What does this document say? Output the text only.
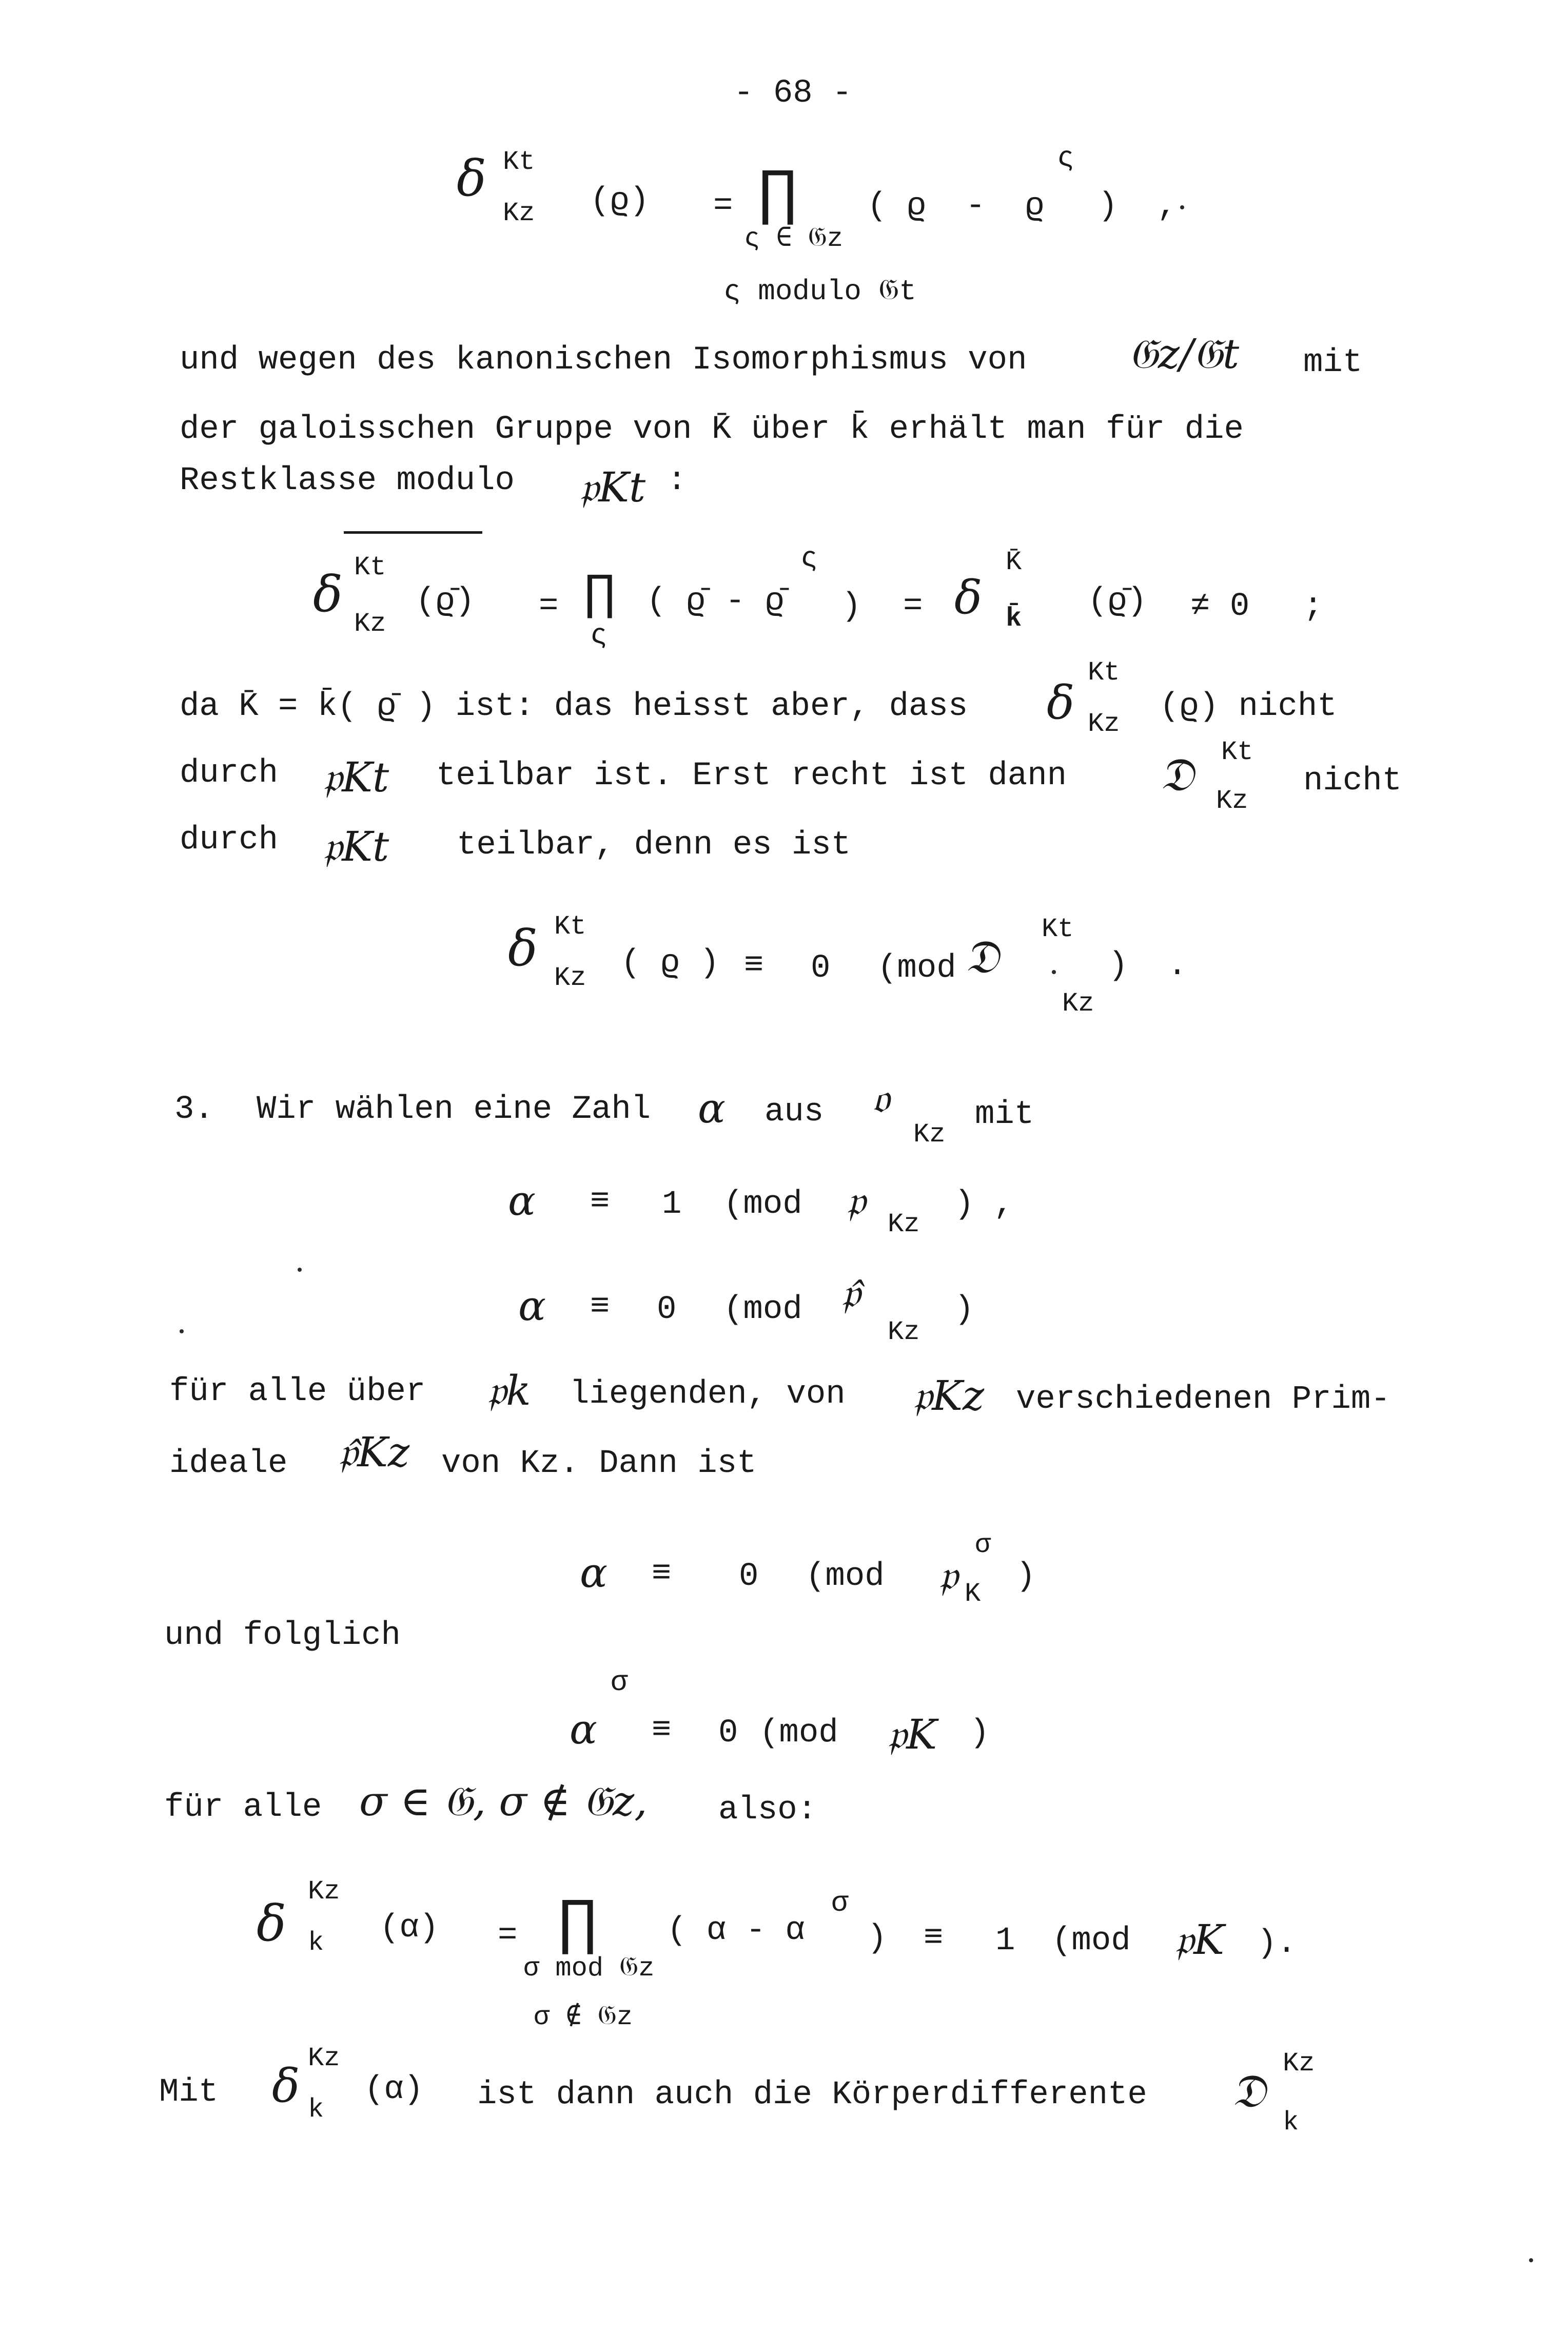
- 68 -
δ Kt
Kz (ϱ) = ∏
ς ∈ 𝔊z
ς modulo 𝔊t
( ϱ  -  ϱ
ς
)  ,
und wegen des kanonischen Isomorphismus von 𝔊z/𝔊t mit
der galoisschen Gruppe von K̄ über k̄ erhält man für die
Restklasse modulo 𝔭Kt :
δ Kt
Kz
(ϱ̄) = ∏
ς
( ϱ̄ - ϱ̄
ς
) = δ
K̄
k̄ (ϱ̄) ≠ 0 ;
da K̄ = k̄( ϱ̄ ) ist: das heisst aber, dass δ
Kt
Kz (ϱ) nicht
durch 𝔭Kt teilbar ist. Erst recht ist dann 𝔇 Kt
Kz
nicht
durch 𝔭Kt teilbar, denn es ist
δ Kt
Kz ( ϱ ) ≡ 0 (mod 𝔇
Kt
Kz
)  .
3. Wir wählen eine Zahl α aus 𝔬
Kz
mit
α ≡ 1 (mod 𝔭 Kz
) ,
α ≡ 0 (mod 𝔭̂
Kz
)
für alle über 𝔭k liegenden, von 𝔭Kz verschiedenen Prim-
ideale 𝔭̂Kz von Kz. Dann ist
α ≡ 0 (mod 𝔭
σ
K )
und folglich
α
σ
≡ 0 (mod 𝔭K )
für alle σ ∈ 𝔊, σ ∉ 𝔊z, also:
δ
Kz
k (α) = ∏
σ mod 𝔊z
σ ∉ 𝔊z
( α - α
σ
) ≡ 1 (mod 𝔭K ).
Mit δ
Kz
k
(α) ist dann auch die Körperdifferente 𝔇
Kz
k
